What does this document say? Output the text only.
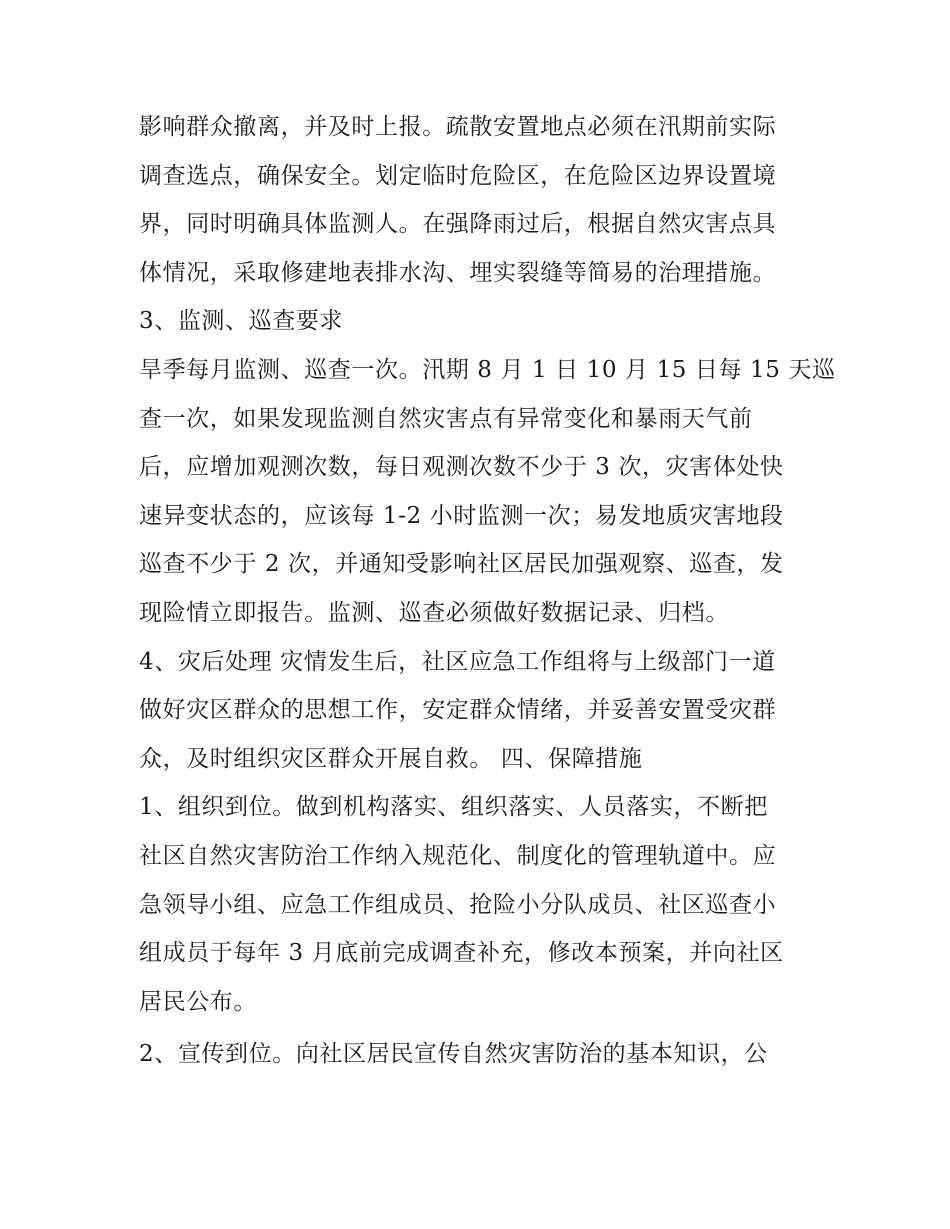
影响群众撤离，并及时上报。疏散安置地点必须在汛期前实际
调查选点，确保安全。划定临时危险区，在危险区边界设置境
界，同时明确具体监测人。在强降雨过后，根据自然灾害点具
体情况，采取修建地表排水沟、埋实裂缝等简易的治理措施。
3、监测、巡查要求
旱季每月监测、巡查一次。汛期 8 月 1 日 10 月 15 日每 15 天巡
查一次，如果发现监测自然灾害点有异常变化和暴雨天气前
后，应增加观测次数，每日观测次数不少于 3 次，灾害体处快
速异变状态的，应该每 1-2 小时监测一次；易发地质灾害地段
巡查不少于 2 次，并通知受影响社区居民加强观察、巡查，发
现险情立即报告。监测、巡查必须做好数据记录、归档。
4、灾后处理 灾情发生后，社区应急工作组将与上级部门一道
做好灾区群众的思想工作，安定群众情绪，并妥善安置受灾群
众，及时组织灾区群众开展自救。 四、保障措施
1、组织到位。做到机构落实、组织落实、人员落实，不断把
社区自然灾害防治工作纳入规范化、制度化的管理轨道中。应
急领导小组、应急工作组成员、抢险小分队成员、社区巡查小
组成员于每年 3 月底前完成调查补充，修改本预案，并向社区
居民公布。
2、宣传到位。向社区居民宣传自然灾害防治的基本知识，公
